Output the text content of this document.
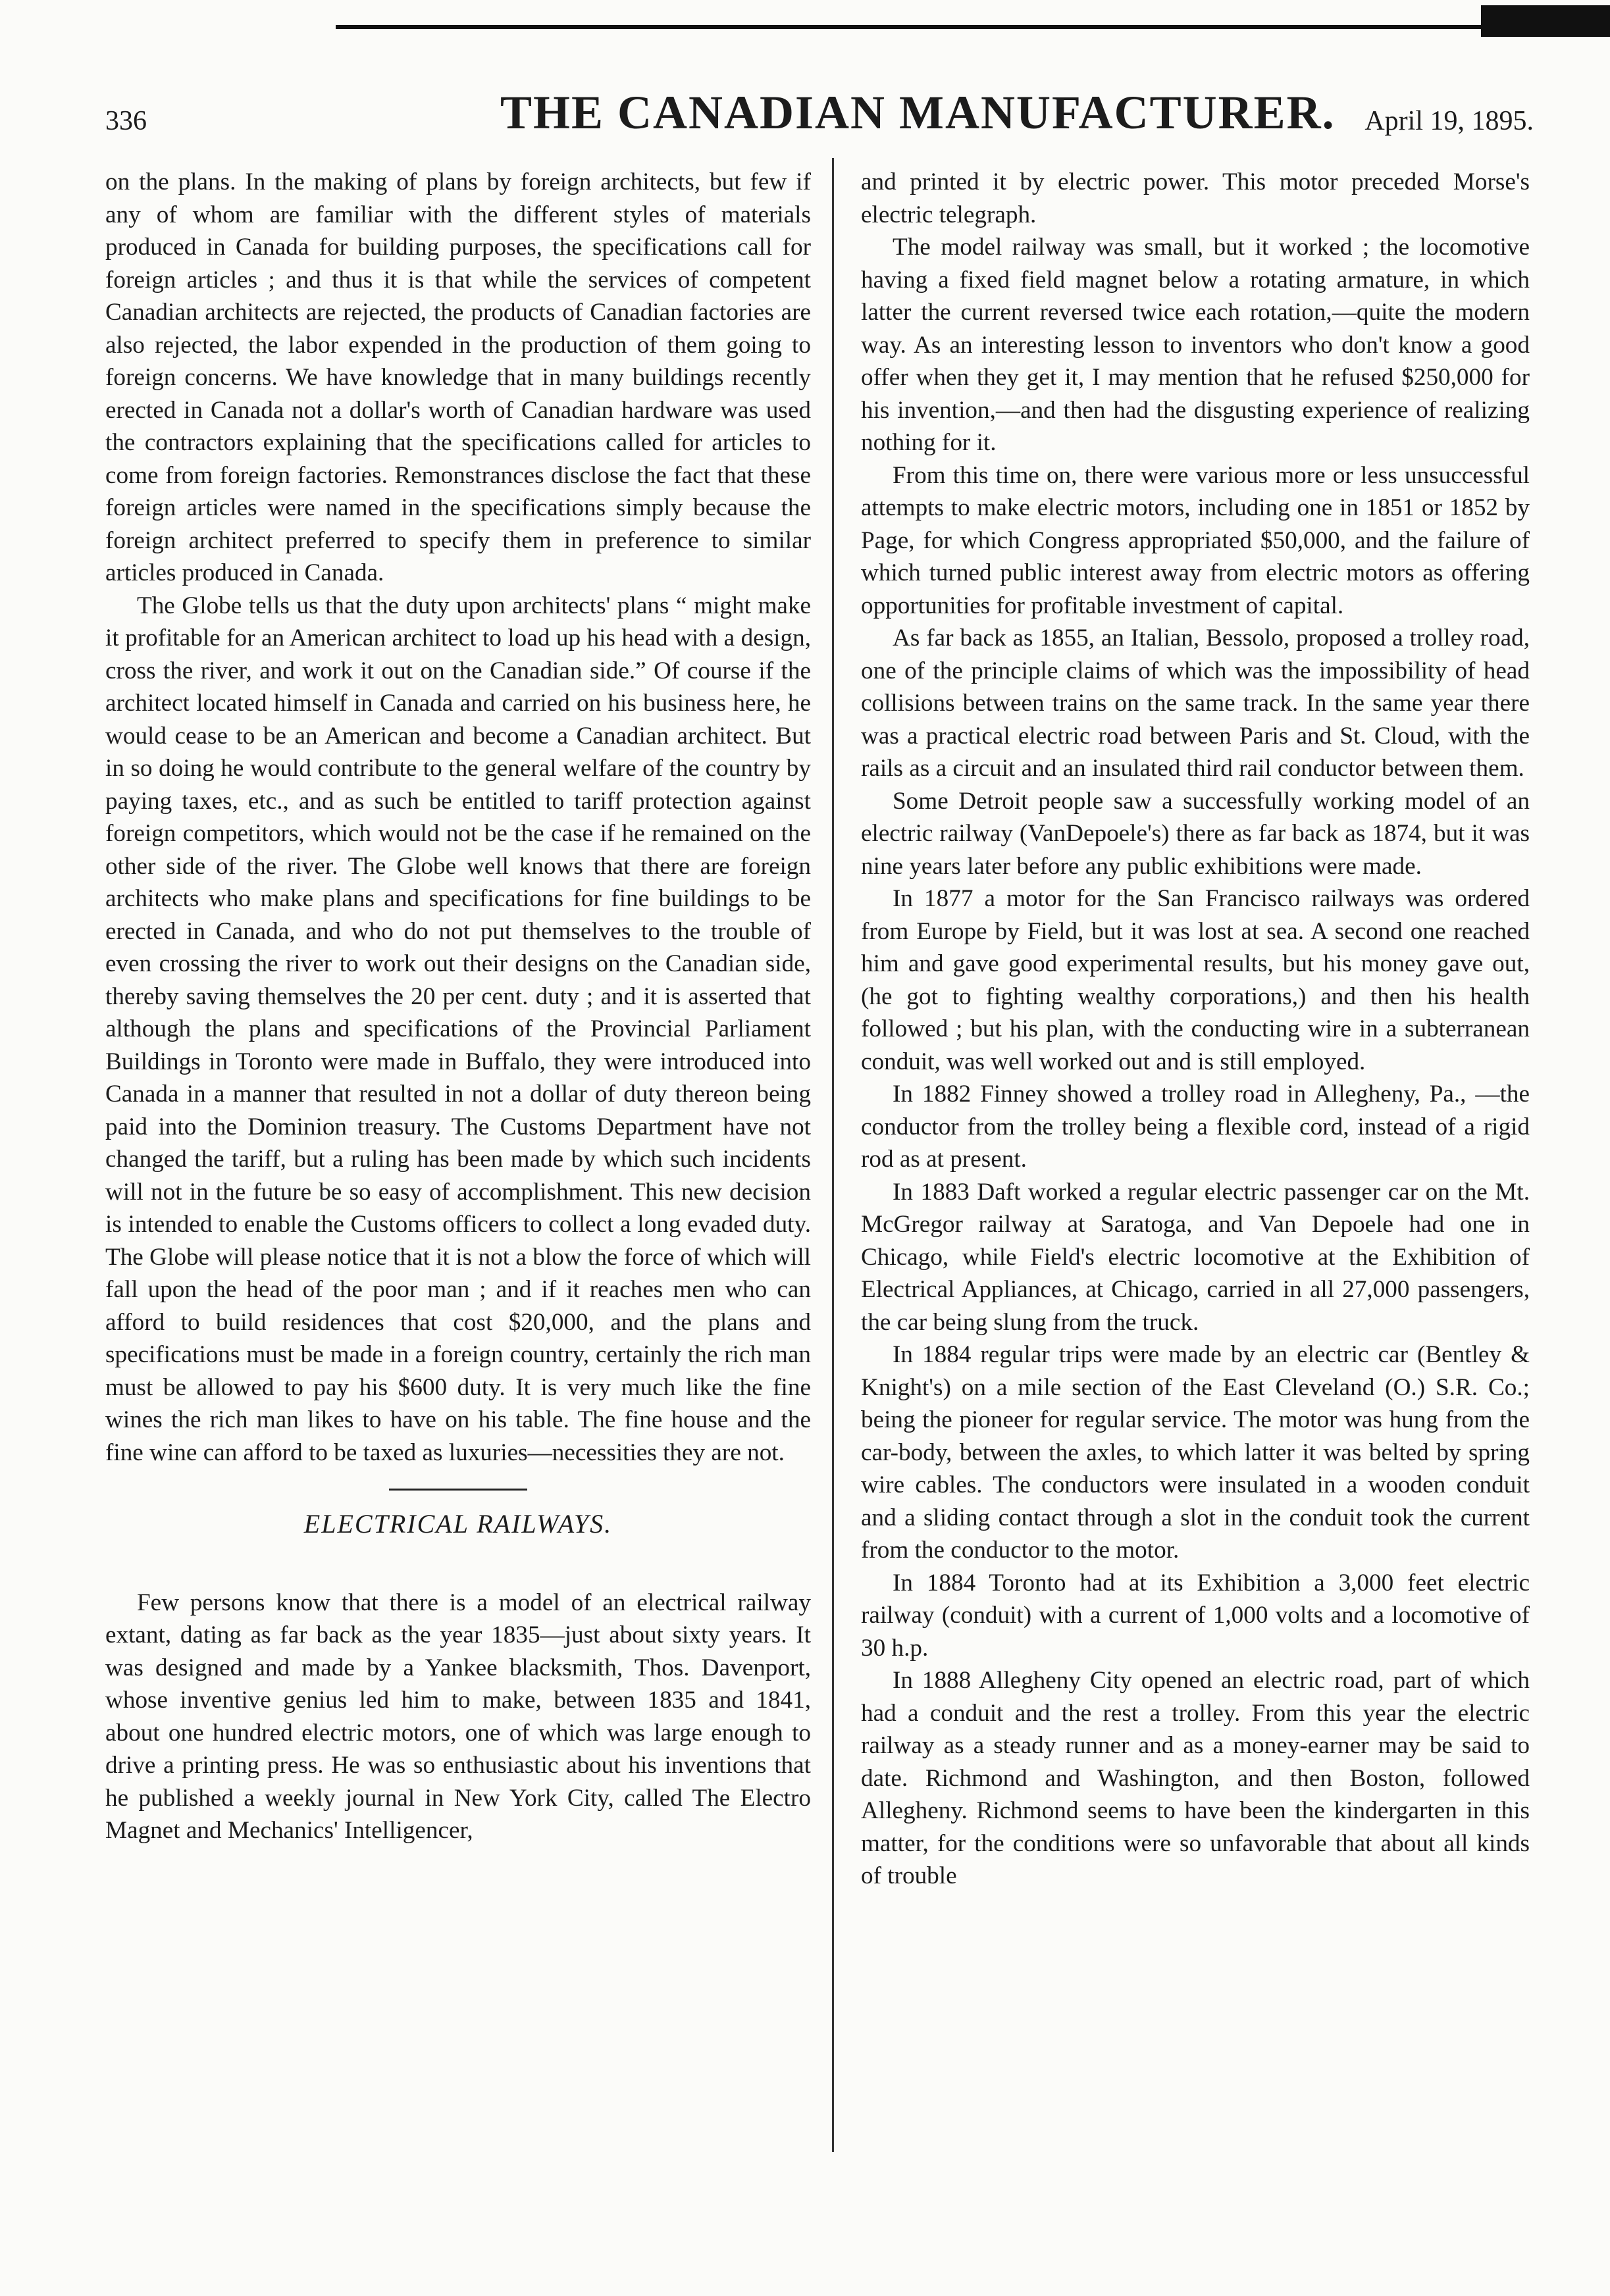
336	THE CANADIAN MANUFACTURER. April 19, 1895.

on the plans. In the making of plans by foreign architects, but few if any of whom are familiar with the different styles of materials produced in Canada for building purposes, the specifications call for foreign articles ; and thus it is that while the services of competent Canadian architects are rejected, the products of Canadian factories are also rejected, the labor expended in the production of them going to foreign concerns. We have knowledge that in many buildings recently erected in Canada not a dollar's worth of Canadian hardware was used the contractors explaining that the specifications called for articles to come from foreign factories. Remonstrances disclose the fact that these foreign articles were named in the specifications simply because the foreign architect preferred to specify them in preference to similar articles produced in Canada.

The Globe tells us that the duty upon architects' plans “ might make it profitable for an American architect to load up his head with a design, cross the river, and work it out on the Canadian side.” Of course if the architect located himself in Canada and carried on his business here, he would cease to be an American and become a Canadian architect. But in so doing he would contribute to the general welfare of the country by paying taxes, etc., and as such be entitled to tariff protection against foreign competitors, which would not be the case if he remained on the other side of the river. The Globe well knows that there are foreign architects who make plans and specifications for fine buildings to be erected in Canada, and who do not put themselves to the trouble of even crossing the river to work out their designs on the Canadian side, thereby saving themselves the 20 per cent. duty ; and it is asserted that although the plans and specifications of the Provincial Parliament Buildings in Toronto were made in Buffalo, they were introduced into Canada in a manner that resulted in not a dollar of duty thereon being paid into the Dominion treasury. The Customs Department have not changed the tariff, but a ruling has been made by which such incidents will not in the future be so easy of accomplishment. This new decision is intended to enable the Customs officers to collect a long evaded duty. The Globe will please notice that it is not a blow the force of which will fall upon the head of the poor man ; and if it reaches men who can afford to build residences that cost $20,000, and the plans and specifications must be made in a foreign country, certainly the rich man must be allowed to pay his $600 duty. It is very much like the fine wines the rich man likes to have on his table. The fine house and the fine wine can afford to be taxed as luxuries—necessities they are not.

ELECTRICAL RAILWAYS.

Few persons know that there is a model of an electrical railway extant, dating as far back as the year 1835—just about sixty years. It was designed and made by a Yankee blacksmith, Thos. Davenport, whose inventive genius led him to make, between 1835 and 1841, about one hundred electric motors, one of which was large enough to drive a printing press. He was so enthusiastic about his inventions that he published a weekly journal in New York City, called The Electro Magnet and Mechanics' Intelligencer,

and printed it by electric power. This motor preceded Morse's electric telegraph.

The model railway was small, but it worked ; the locomotive having a fixed field magnet below a rotating armature, in which latter the current reversed twice each rotation,—quite the modern way. As an interesting lesson to inventors who don't know a good offer when they get it, I may mention that he refused $250,000 for his invention,—and then had the disgusting experience of realizing nothing for it.

From this time on, there were various more or less unsuccessful attempts to make electric motors, including one in 1851 or 1852 by Page, for which Congress appropriated $50,000, and the failure of which turned public interest away from electric motors as offering opportunities for profitable investment of capital.

As far back as 1855, an Italian, Bessolo, proposed a trolley road, one of the principle claims of which was the impossibility of head collisions between trains on the same track. In the same year there was a practical electric road between Paris and St. Cloud, with the rails as a circuit and an insulated third rail conductor between them.

Some Detroit people saw a successfully working model of an electric railway (VanDepoele's) there as far back as 1874, but it was nine years later before any public exhibitions were made.

In 1877 a motor for the San Francisco railways was ordered from Europe by Field, but it was lost at sea. A second one reached him and gave good experimental results, but his money gave out, (he got to fighting wealthy corporations,) and then his health followed ; but his plan, with the conducting wire in a subterranean conduit, was well worked out and is still employed.

In 1882 Finney showed a trolley road in Allegheny, Pa., —the conductor from the trolley being a flexible cord, instead of a rigid rod as at present.

In 1883 Daft worked a regular electric passenger car on the Mt. McGregor railway at Saratoga, and Van Depoele had one in Chicago, while Field's electric locomotive at the Exhibition of Electrical Appliances, at Chicago, carried in all 27,000 passengers, the car being slung from the truck.

In 1884 regular trips were made by an electric car (Bentley & Knight's) on a mile section of the East Cleveland (O.) S.R. Co.; being the pioneer for regular service. The motor was hung from the car-body, between the axles, to which latter it was belted by spring wire cables. The conductors were insulated in a wooden conduit and a sliding contact through a slot in the conduit took the current from the conductor to the motor.

In 1884 Toronto had at its Exhibition a 3,000 feet electric railway (conduit) with a current of 1,000 volts and a locomotive of 30 h.p.

In 1888 Allegheny City opened an electric road, part of which had a conduit and the rest a trolley. From this year the electric railway as a steady runner and as a money-earner may be said to date. Richmond and Washington, and then Boston, followed Allegheny. Richmond seems to have been the kindergarten in this matter, for the conditions were so unfavorable that about all kinds of trouble
